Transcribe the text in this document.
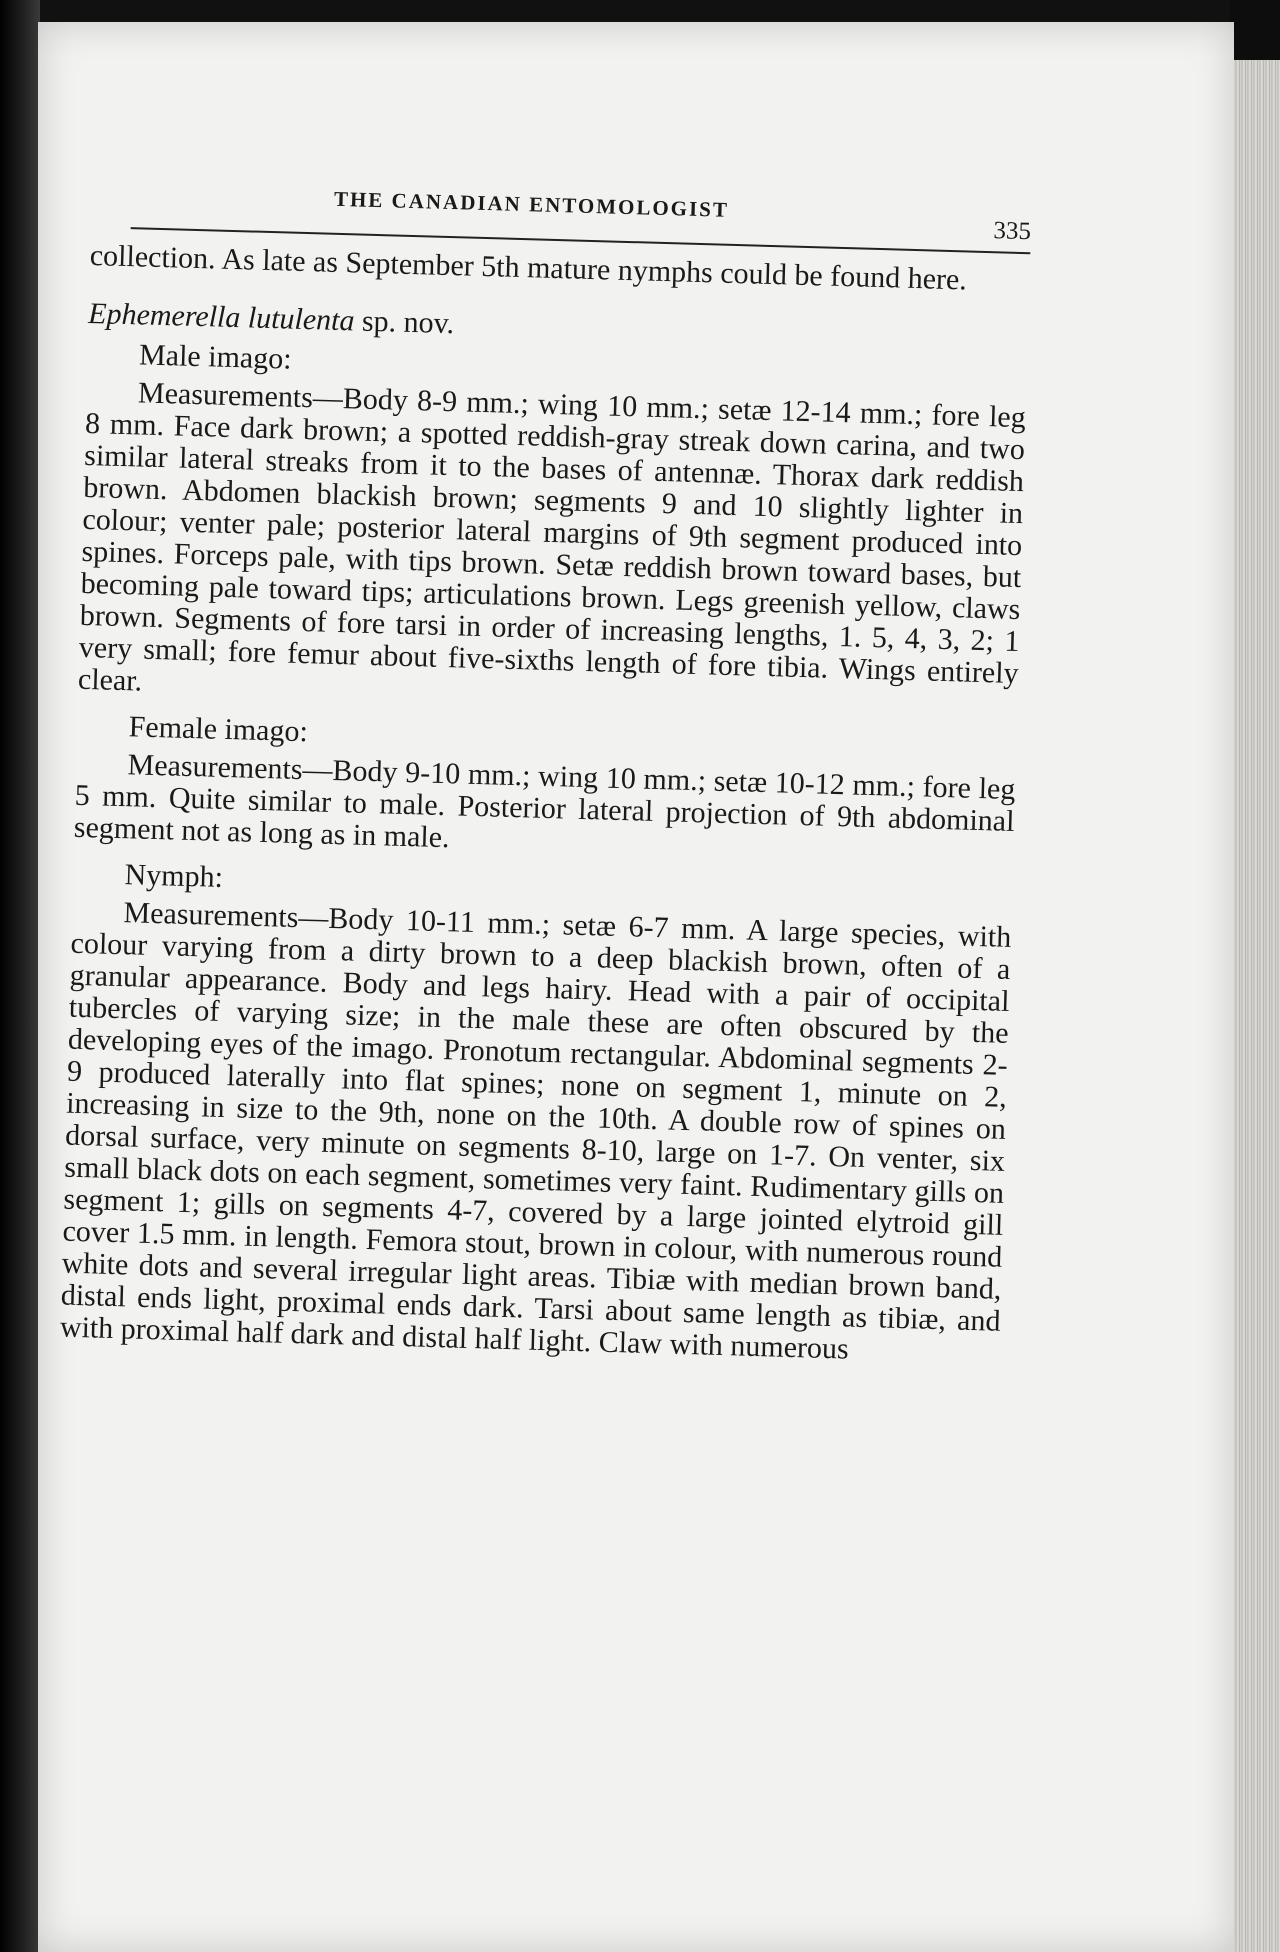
THE CANADIAN ENTOMOLOGIST
335

collection. As late as September 5th mature nymphs could be found here.

Ephemerella lutulenta sp. nov.

Male imago:

Measurements—Body 8-9 mm.; wing 10 mm.; setæ 12-14 mm.; fore leg 8 mm. Face dark brown; a spotted reddish-gray streak down carina, and two similar lateral streaks from it to the bases of antennæ. Thorax dark reddish brown. Abdomen blackish brown; segments 9 and 10 slightly lighter in colour; venter pale; posterior lateral margins of 9th segment produced into spines. Forceps pale, with tips brown. Setæ reddish brown toward bases, but becoming pale toward tips; articulations brown. Legs greenish yellow, claws brown. Segments of fore tarsi in order of increasing lengths, 1. 5, 4, 3, 2; 1 very small; fore femur about five-sixths length of fore tibia. Wings entirely clear.

Female imago:

Measurements—Body 9-10 mm.; wing 10 mm.; setæ 10-12 mm.; fore leg 5 mm. Quite similar to male. Posterior lateral projection of 9th abdominal segment not as long as in male.

Nymph:

Measurements—Body 10-11 mm.; setæ 6-7 mm. A large species, with colour varying from a dirty brown to a deep blackish brown, often of a granular appearance. Body and legs hairy. Head with a pair of occipital tubercles of varying size; in the male these are often obscured by the developing eyes of the imago. Pronotum rectangular. Abdominal segments 2-9 produced laterally into flat spines; none on segment 1, minute on 2, increasing in size to the 9th, none on the 10th. A double row of spines on dorsal surface, very minute on segments 8-10, large on 1-7. On venter, six small black dots on each segment, sometimes very faint. Rudimentary gills on segment 1; gills on segments 4-7, covered by a large jointed elytroid gill cover 1.5 mm. in length. Femora stout, brown in colour, with numerous round white dots and several irregular light areas. Tibiæ with median brown band, distal ends light, proximal ends dark. Tarsi about same length as tibiæ, and with proximal half dark and distal half light. Claw with numerous
